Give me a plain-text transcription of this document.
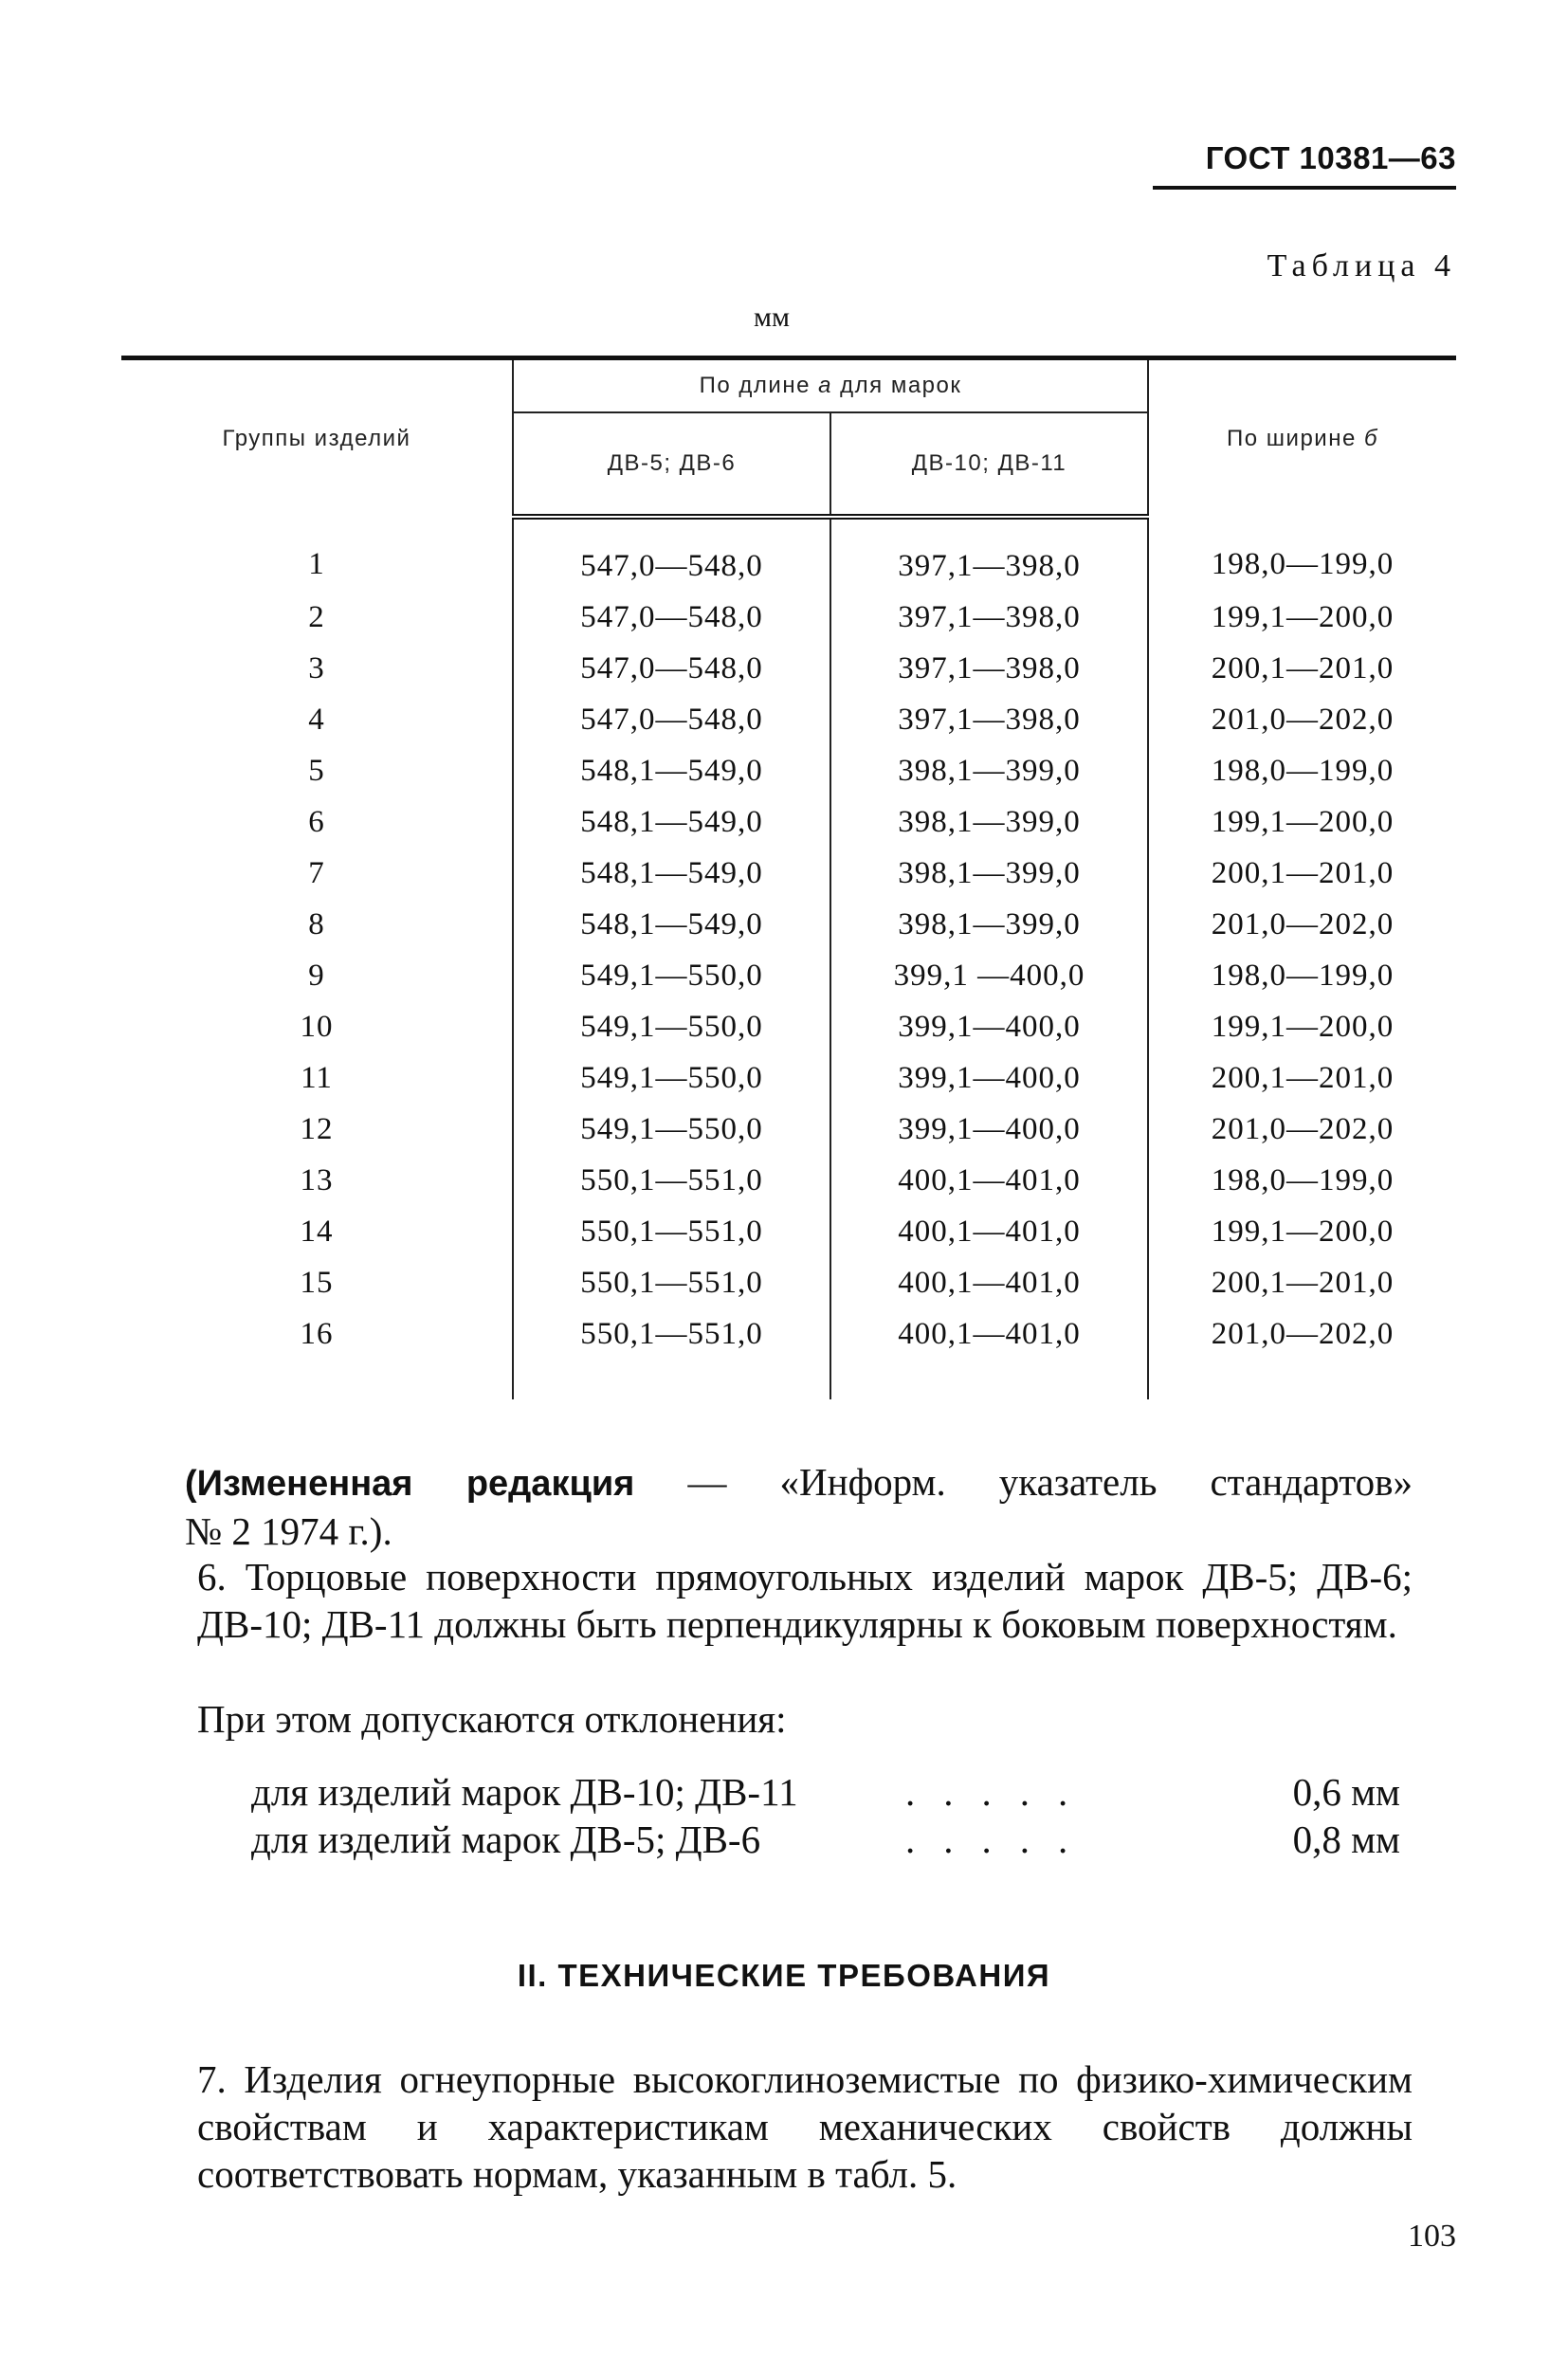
ГОСТ 10381—63
Таблица 4
мм
Группы изделий	По длине a для марок		По ширине б
	ДВ-5; ДВ-6	ДВ-10; ДВ-11	
1	547,0—548,0	397,1—398,0	198,0—199,0
2	547,0—548,0	397,1—398,0	199,1—200,0
3	547,0—548,0	397,1—398,0	200,1—201,0
4	547,0—548,0	397,1—398,0	201,0—202,0
5	548,1—549,0	398,1—399,0	198,0—199,0
6	548,1—549,0	398,1—399,0	199,1—200,0
7	548,1—549,0	398,1—399,0	200,1—201,0
8	548,1—549,0	398,1—399,0	201,0—202,0
9	549,1—550,0	399,1 —400,0	198,0—199,0
10	549,1—550,0	399,1—400,0	199,1—200,0
11	549,1—550,0	399,1—400,0	200,1—201,0
12	549,1—550,0	399,1—400,0	201,0—202,0
13	550,1—551,0	400,1—401,0	198,0—199,0
14	550,1—551,0	400,1—401,0	199,1—200,0
15	550,1—551,0	400,1—401,0	200,1—201,0
16	550,1—551,0	400,1—401,0	201,0—202,0
(Измененная редакция — «Информ. указатель стандартов»
№ 2 1974 г.).
6. Торцовые поверхности прямоугольных изделий марок ДВ-5; ДВ-6; ДВ-10; ДВ-11 должны быть перпендикулярны к боковым поверхностям.
При этом допускаются отклонения:
для изделий марок ДВ-10; ДВ-11	.....	0,6 мм
для изделий марок ДВ-5; ДВ-6	.....	0,8 мм
II. ТЕХНИЧЕСКИЕ ТРЕБОВАНИЯ
7. Изделия огнеупорные высокоглиноземистые по физико-химическим свойствам и характеристикам механических свойств должны соответствовать нормам, указанным в табл. 5.
103
